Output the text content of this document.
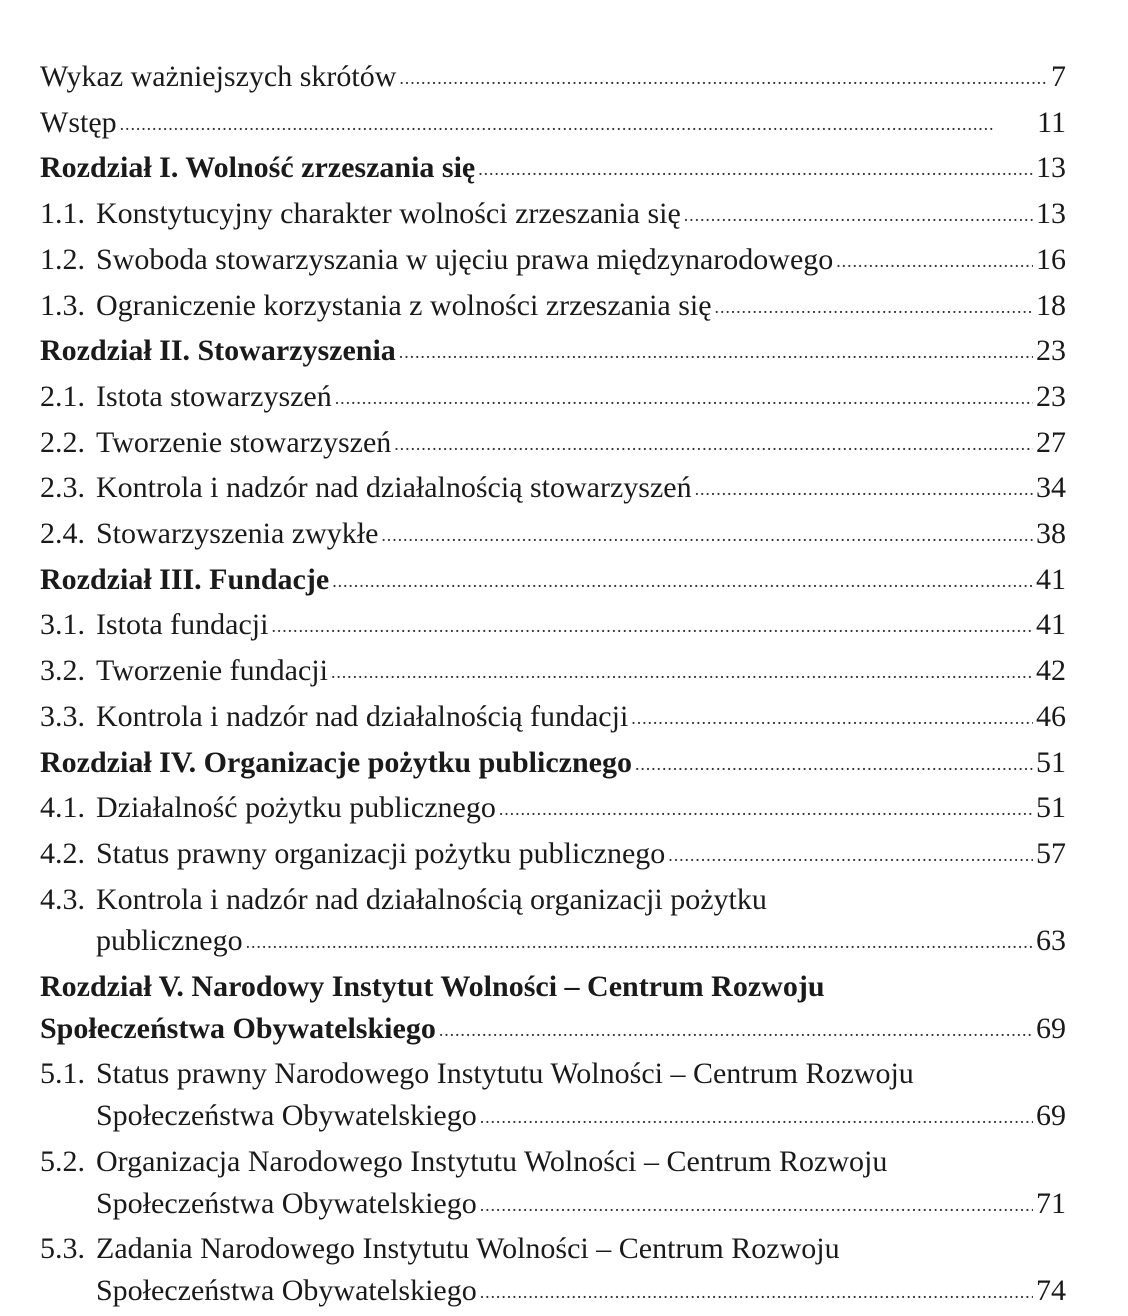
Wykaz ważniejszych skrótów . . .	7
Wstęp . . .	11
Rozdział I. Wolność zrzeszania się . . .	13
1.1. Konstytucyjny charakter wolności zrzeszania się . . .	13
1.2. Swoboda stowarzyszania w ujęciu prawa międzynarodowego . . .	16
1.3. Ograniczenie korzystania z wolności zrzeszania się . . .	18
Rozdział II. Stowarzyszenia . . .	23
2.1. Istota stowarzyszeń . . .	23
2.2. Tworzenie stowarzyszeń . . .	27
2.3. Kontrola i nadzór nad działalnością stowarzyszeń . . .	34
2.4. Stowarzyszenia zwykłe . . .	38
Rozdział III. Fundacje . . .	41
3.1. Istota fundacji . . .	41
3.2. Tworzenie fundacji . . .	42
3.3. Kontrola i nadzór nad działalnością fundacji . . .	46
Rozdział IV. Organizacje pożytku publicznego . . .	51
4.1. Działalność pożytku publicznego . . .	51
4.2. Status prawny organizacji pożytku publicznego . . .	57
4.3. Kontrola i nadzór nad działalnością organizacji pożytku
publicznego . . .	63
Rozdział V. Narodowy Instytut Wolności – Centrum Rozwoju
Społeczeństwa Obywatelskiego . . .	69
5.1. Status prawny Narodowego Instytutu Wolności – Centrum Rozwoju
Społeczeństwa Obywatelskiego . . .	69
5.2. Organizacja Narodowego Instytutu Wolności – Centrum Rozwoju
Społeczeństwa Obywatelskiego . . .	71
5.3. Zadania Narodowego Instytutu Wolności – Centrum Rozwoju
Społeczeństwa Obywatelskiego . . .	74
